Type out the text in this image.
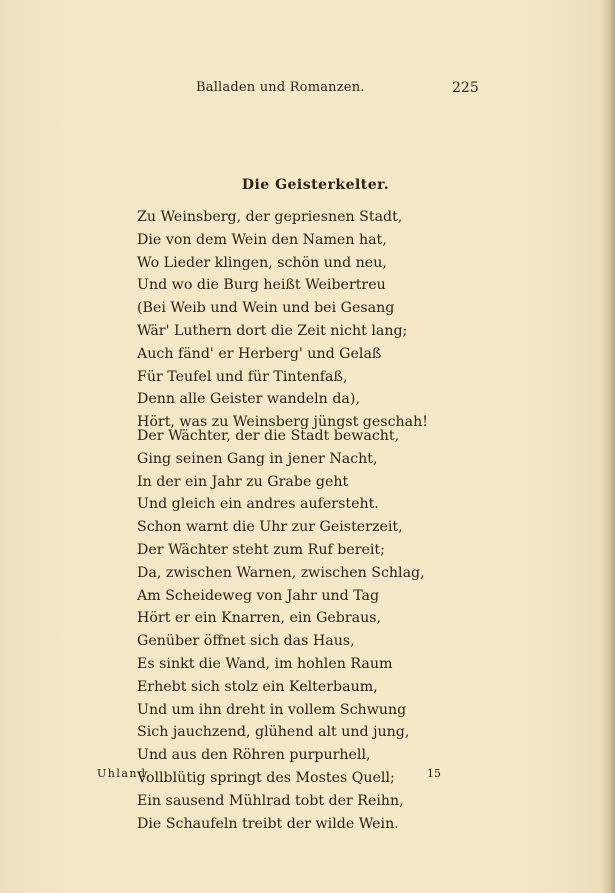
Balladen und Romanzen.	225
Die Geisterkelter.
Zu Weinsberg, der gepriesnen Stadt,
Die von dem Wein den Namen hat,
Wo Lieder klingen, schön und neu,
Und wo die Burg heißt Weibertreu
(Bei Weib und Wein und bei Gesang
Wär' Luthern dort die Zeit nicht lang;
Auch fänd' er Herberg' und Gelaß
Für Teufel und für Tintenfaß,
Denn alle Geister wandeln da),
Hört, was zu Weinsberg jüngst geschah!
Der Wächter, der die Stadt bewacht,
Ging seinen Gang in jener Nacht,
In der ein Jahr zu Grabe geht
Und gleich ein andres aufersteht.
Schon warnt die Uhr zur Geisterzeit,
Der Wächter steht zum Ruf bereit;
Da, zwischen Warnen, zwischen Schlag,
Am Scheideweg von Jahr und Tag
Hört er ein Knarren, ein Gebraus,
Genüber öffnet sich das Haus,
Es sinkt die Wand, im hohlen Raum
Erhebt sich stolz ein Kelterbaum,
Und um ihn dreht in vollem Schwung
Sich jauchzend, glühend alt und jung,
Und aus den Röhren purpurhell,
Vollblütig springt des Mostes Quell;
Ein sausend Mühlrad tobt der Reihn,
Die Schaufeln treibt der wilde Wein.
Uhland.	15
